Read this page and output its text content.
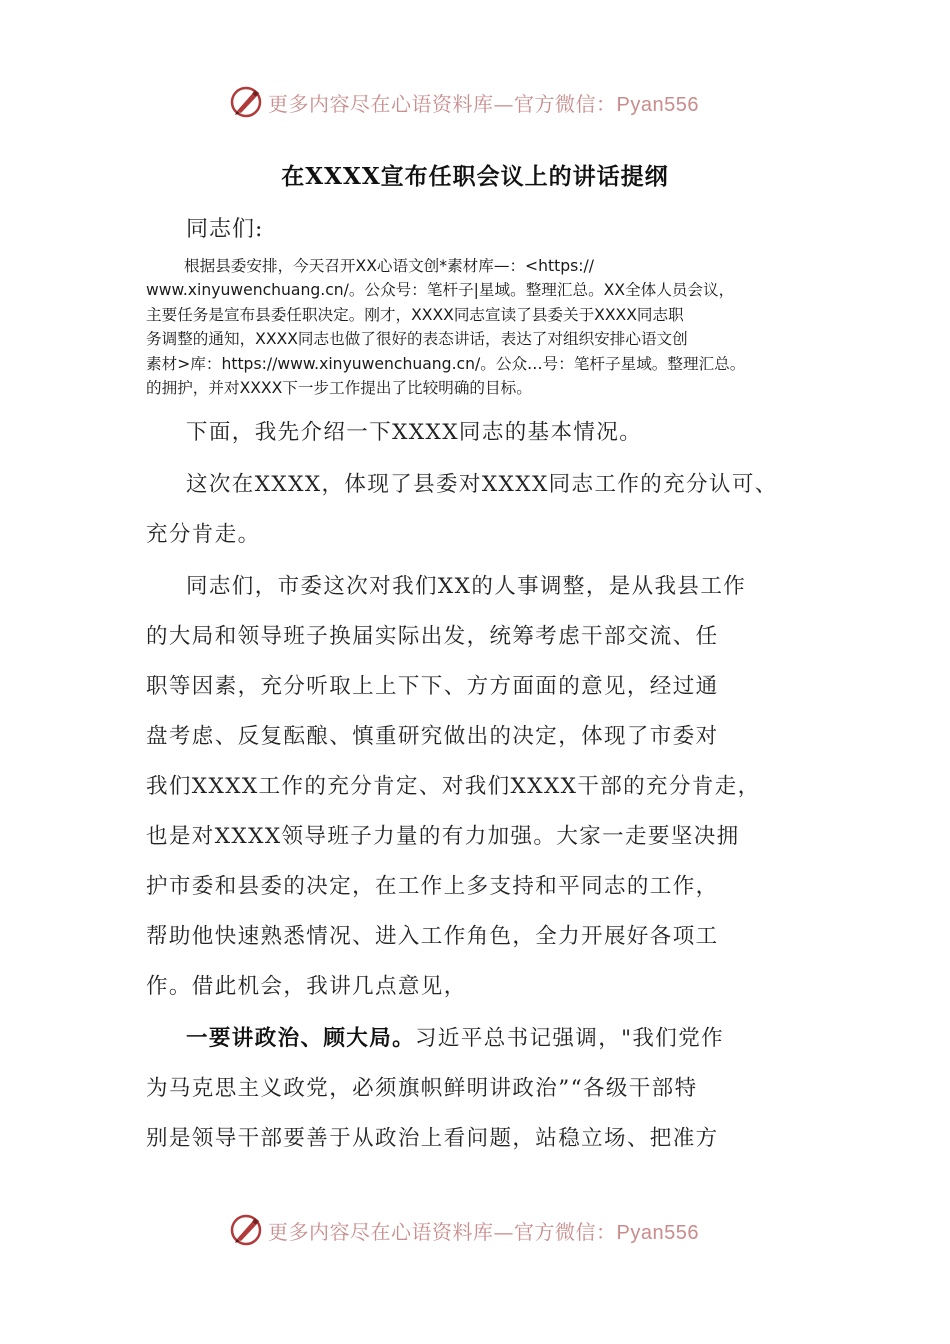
更多内容尽在心语资料库—官方微信：Pyan556
在XXXX宣布任职会议上的讲话提纲
同志们:

根据县委安排，今天召开XX心语文创*素材库—：<https://
www.xinyuwenchuang.cn/。公众号：笔杆子|星域。整理汇总。XX全体人员会议，
主要任务是宣布县委任职决定。刚才，XXXX同志宣读了县委关于XXXX同志职
务调整的通知，XXXX同志也做了很好的表态讲话，表达了对组织安排心语文创
素材>库：https://www.xinyuwenchuang.cn/。公众…号：笔杆子星域。整理汇总。
的拥护，并对XXXX下一步工作提出了比较明确的目标。

下面，我先介绍一下XXXX同志的基本情况。

这次在XXXX，体现了县委对XXXX同志工作的充分认可、
充分肯走。

同志们，市委这次对我们XX的人事调整，是从我县工作
的大局和领导班子换届实际出发，统筹考虑干部交流、任
职等因素，充分听取上上下下、方方面面的意见，经过通
盘考虑、反复酝酿、慎重研究做出的决定，体现了市委对
我们XXXX工作的充分肯定、对我们XXXX干部的充分肯走，
也是对XXXX领导班子力量的有力加强。大家一走要坚决拥
护市委和县委的决定，在工作上多支持和平同志的工作，
帮助他快速熟悉情况、进入工作角色，全力开展好各项工
作。借此机会，我讲几点意见，

一要讲政治、顾大局。习近平总书记强调，"我们党作
为马克思主义政党，必须旗帜鲜明讲政治”“各级干部特
别是领导干部要善于从政治上看问题，站稳立场、把准方

更多内容尽在心语资料库—官方微信：Pyan556
